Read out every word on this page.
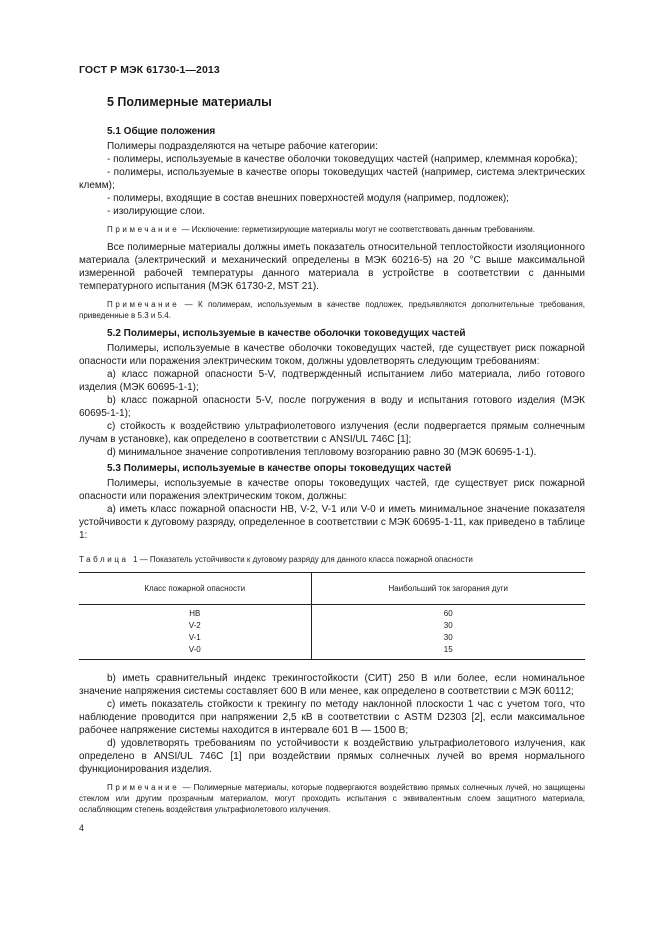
ГОСТ Р МЭК 61730-1—2013
5 Полимерные материалы
5.1 Общие положения

Полимеры подразделяются на четыре рабочие категории:

- полимеры, используемые в качестве оболочки токоведущих частей (например, клеммная коробка);

- полимеры, используемые в качестве опоры токоведущих частей (например, система электрических клемм);

- полимеры, входящие в состав внешних поверхностей модуля (например, подложек);

- изолирующие слои.

Примечание — Исключение: герметизирующие материалы могут не соответствовать данным требованиям.

Все полимерные материалы должны иметь показатель относительной теплостойкости изоляционного материала (электрический и механический определены в МЭК 60216-5) на 20 °С выше максимальной измеренной рабочей температуры данного материала в устройстве в соответствии с данными температурного испытания (МЭК 61730-2, MST 21).

Примечание — К полимерам, используемым в качестве подложек, предъявляются дополнительные требования, приведенные в 5.3 и 5.4.

5.2 Полимеры, используемые в качестве оболочки токоведущих частей

Полимеры, используемые в качестве оболочки токоведущих частей, где существует риск пожарной опасности или поражения электрическим током, должны удовлетворять следующим требованиям:

a) класс пожарной опасности 5-V, подтвержденный испытанием либо материала, либо готового изделия (МЭК 60695-1-1);

b) класс пожарной опасности 5-V, после погружения в воду и испытания готового изделия (МЭК 60695-1-1);

c) стойкость к воздействию ультрафиолетового излучения (если подвергается прямым солнечным лучам в установке), как определено в соответствии с ANSI/UL 746C [1];

d) минимальное значение сопротивления тепловому возгоранию равно 30 (МЭК 60695-1-1).

5.3 Полимеры, используемые в качестве опоры токоведущих частей

Полимеры, используемые в качестве опоры токоведущих частей, где существует риск пожарной опасности или поражения электрическим током, должны:

a) иметь класс пожарной опасности НВ, V-2, V-1 или V-0 и иметь минимальное значение показателя устойчивости к дуговому разряду, определенное в соответствии с МЭК 60695-1-11, как приведено в таблице 1:

Таблица 1 — Показатель устойчивости к дуговому разряду для данного класса пожарной опасности

Класс пожарной опасности	Наибольший ток загорания дуги
НВ	60
V-2	30
V-1	30
V-0	15

b) иметь сравнительный индекс трекингостойкости (СИТ) 250 В или более, если номинальное значение напряжения системы составляет 600 В или менее, как определено в соответствии с МЭК 60112;

c) иметь показатель стойкости к трекингу по методу наклонной плоскости 1 час с учетом того, что наблюдение проводится при напряжении 2,5 кВ в соответствии с ASTM D2303 [2], если максимальное рабочее напряжение системы находится в интервале 601 В — 1500 В;

d) удовлетворять требованиям по устойчивости к воздействию ультрафиолетового излучения, как определено в ANSI/UL 746C [1] при воздействии прямых солнечных лучей во время нормального функционирования изделия.

Примечание — Полимерные материалы, которые подвергаются воздействию прямых солнечных лучей, но защищены стеклом или другим прозрачным материалом, могут проходить испытания с эквивалентным слоем защитного материала, ослабляющим степень воздействия ультрафиолетового излучения.

4
